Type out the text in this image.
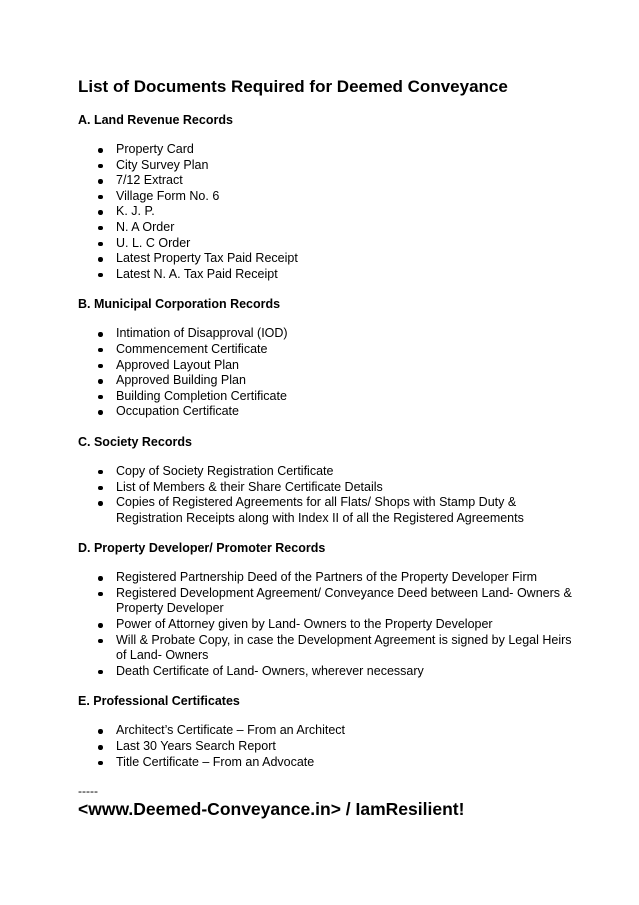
List of Documents Required for Deemed Conveyance
A. Land Revenue Records
Property Card
City Survey Plan
7/12 Extract
Village Form No. 6
K. J. P.
N. A Order
U. L. C Order
Latest Property Tax Paid Receipt
Latest N. A. Tax Paid Receipt
B. Municipal Corporation Records
Intimation of Disapproval (IOD)
Commencement Certificate
Approved Layout Plan
Approved Building Plan
Building Completion Certificate
Occupation Certificate
C. Society Records
Copy of Society Registration Certificate
List of Members & their Share Certificate Details
Copies of Registered Agreements for all Flats/ Shops with Stamp Duty & Registration Receipts along with Index II of all the Registered Agreements
D. Property Developer/ Promoter Records
Registered Partnership Deed of the Partners of the Property Developer Firm
Registered Development Agreement/ Conveyance Deed between Land- Owners & Property Developer
Power of Attorney given by Land- Owners to the Property Developer
Will & Probate Copy, in case the Development Agreement is signed by Legal Heirs of Land- Owners
Death Certificate of Land- Owners, wherever necessary
E. Professional Certificates
Architect’s Certificate – From an Architect
Last 30 Years Search Report
Title Certificate – From an Advocate

-----

<www.Deemed-Conveyance.in> / IamResilient!
